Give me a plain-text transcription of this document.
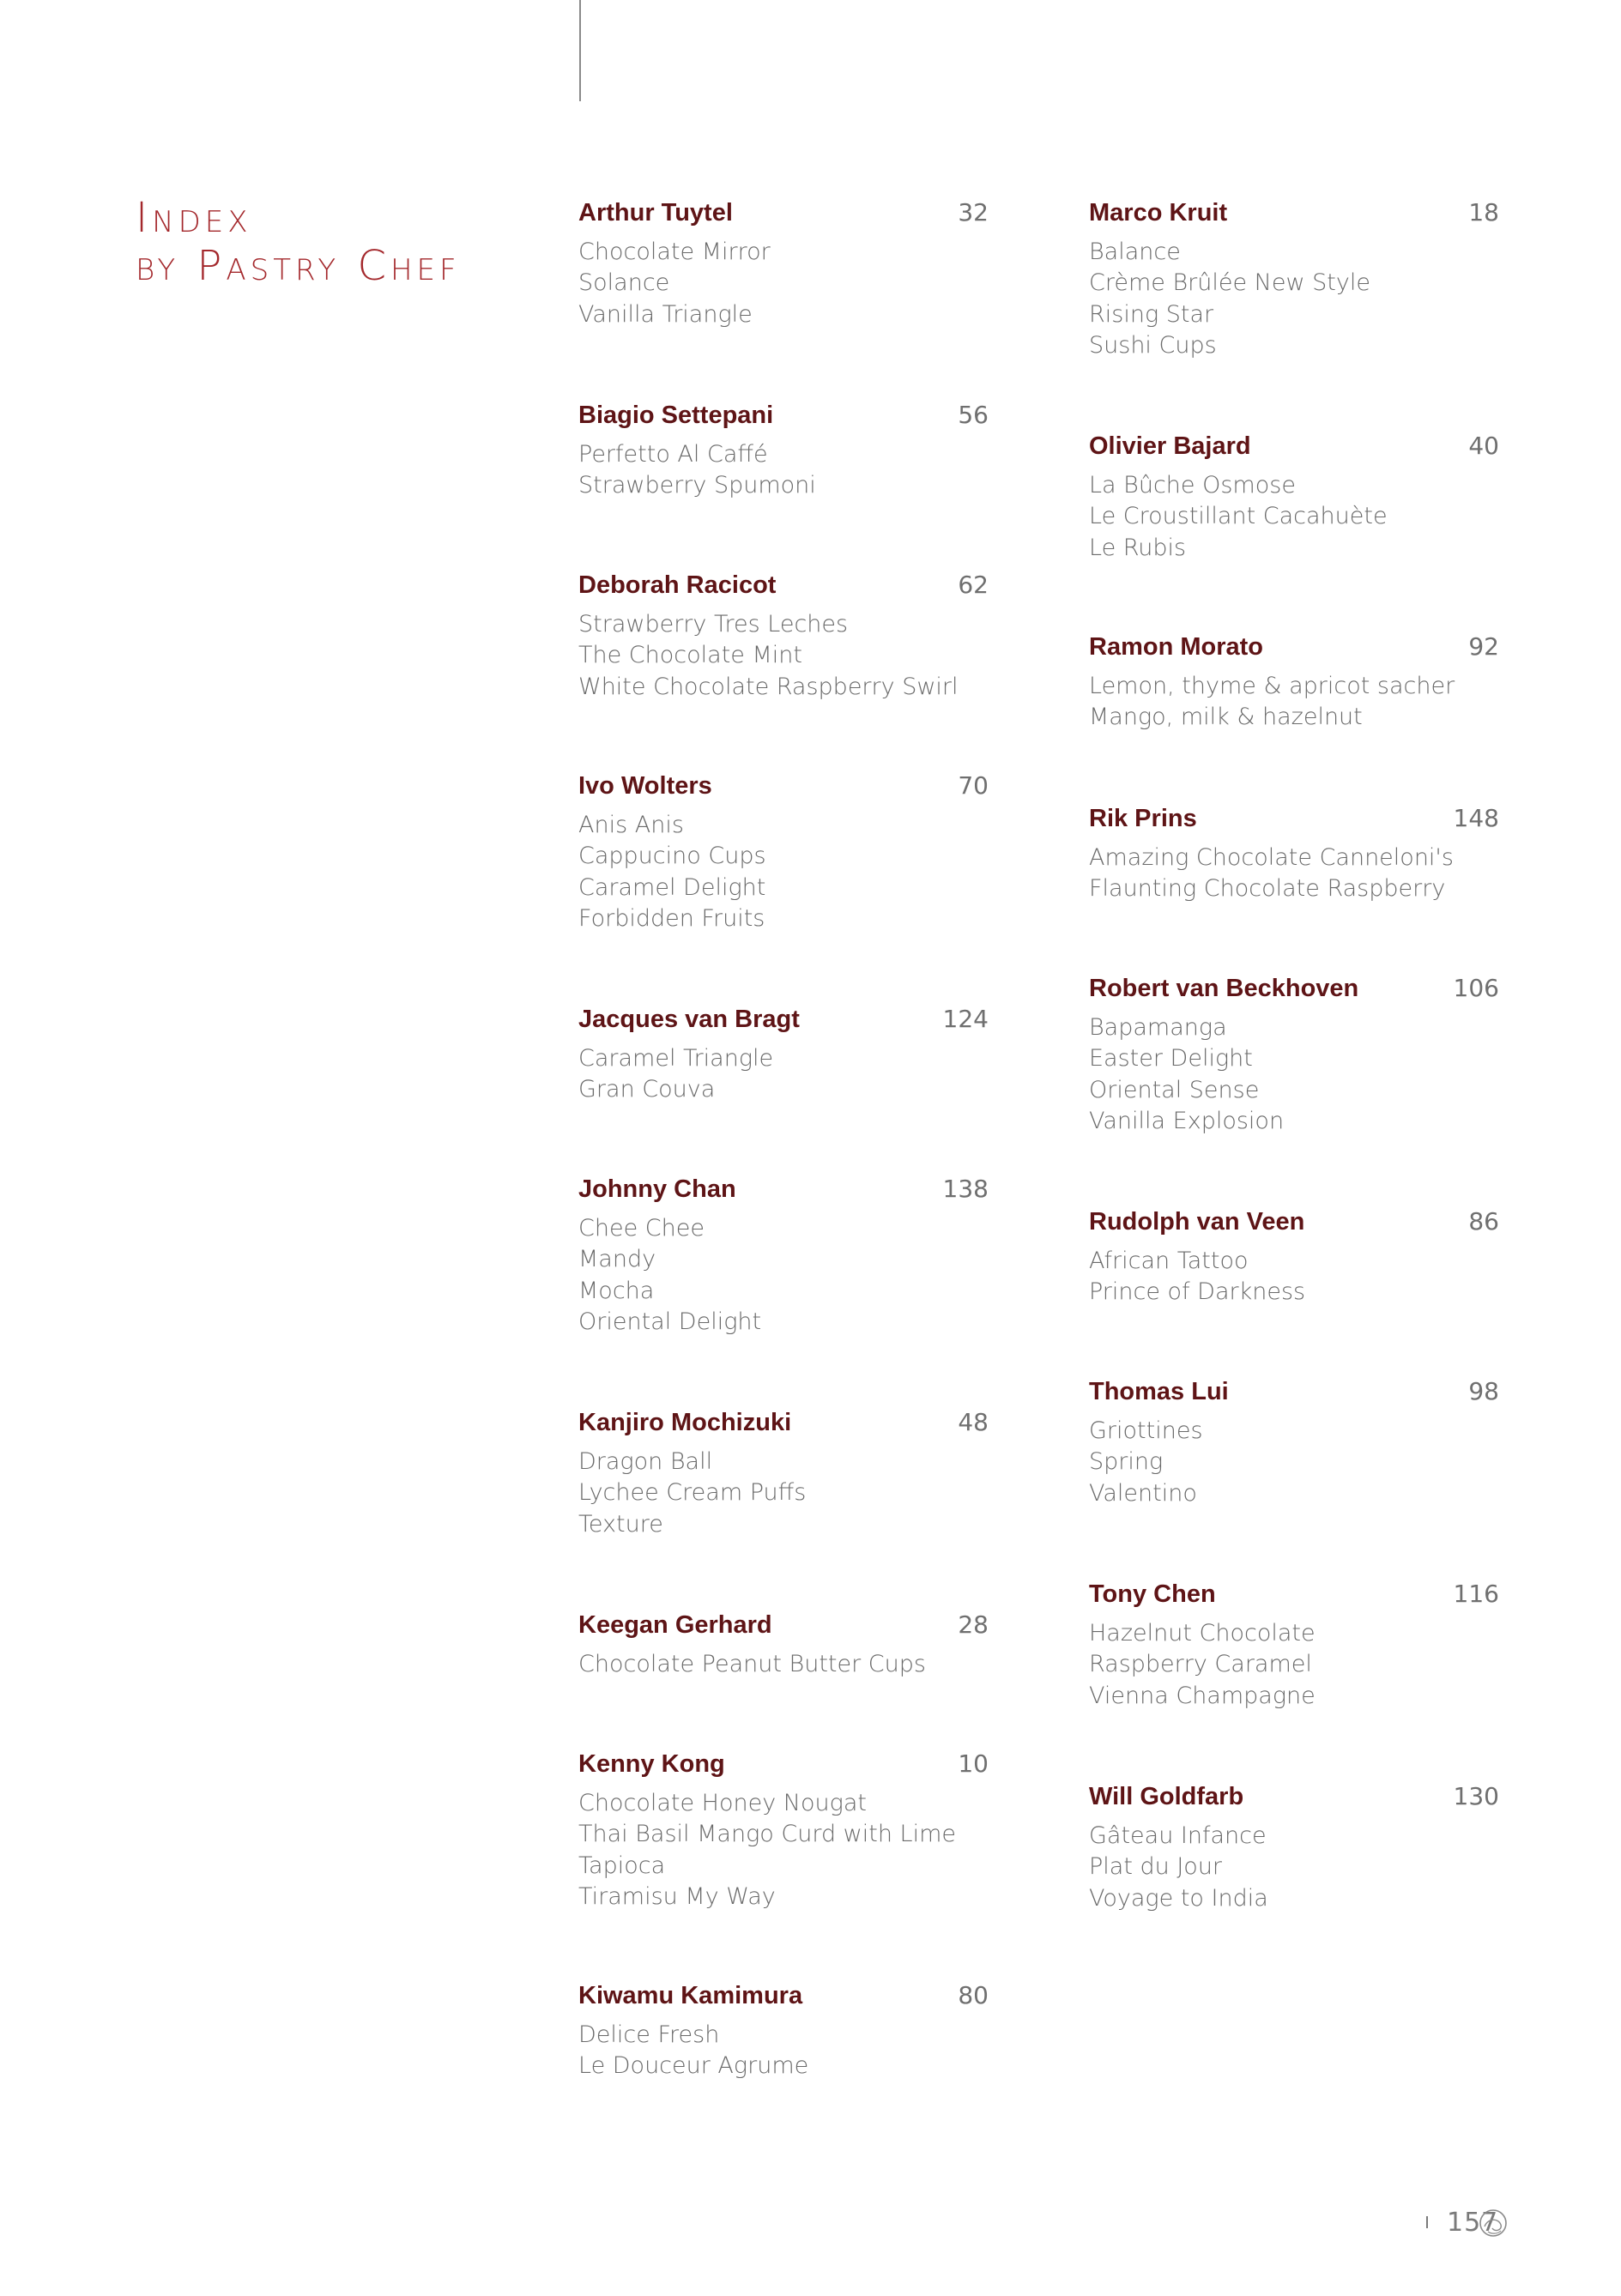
Index
by Pastry Chef
Arthur Tuytel	32
Chocolate Mirror
Solance
Vanilla Triangle
Biagio Settepani	56
Perfetto Al Caffé
Strawberry Spumoni
Deborah Racicot	62
Strawberry Tres Leches
The Chocolate Mint
White Chocolate Raspberry Swirl
Ivo Wolters	70
Anis Anis
Cappucino Cups
Caramel Delight
Forbidden Fruits
Jacques van Bragt	124
Caramel Triangle
Gran Couva
Johnny Chan	138
Chee Chee
Mandy
Mocha
Oriental Delight
Kanjiro Mochizuki	48
Dragon Ball
Lychee Cream Puffs
Texture
Keegan Gerhard	28
Chocolate Peanut Butter Cups
Kenny Kong	10
Chocolate Honey Nougat
Thai Basil Mango Curd with Lime
Tapioca
Tiramisu My Way
Kiwamu Kamimura	80
Delice Fresh
Le Douceur Agrume
Marco Kruit	18
Balance
Crème Brûlée New Style
Rising Star
Sushi Cups
Olivier Bajard	40
La Bûche Osmose
Le Croustillant Cacahuète
Le Rubis
Ramon Morato	92
Lemon, thyme & apricot sacher
Mango, milk & hazelnut
Rik Prins	148
Amazing Chocolate Canneloni's
Flaunting Chocolate Raspberry
Robert van Beckhoven	106
Bapamanga
Easter Delight
Oriental Sense
Vanilla Explosion
Rudolph van Veen	86
African Tattoo
Prince of Darkness
Thomas Lui	98
Griottines
Spring
Valentino
Tony Chen	116
Hazelnut Chocolate
Raspberry Caramel
Vienna Champagne
Will Goldfarb	130
Gâteau Infance
Plat du Jour
Voyage to India
157
